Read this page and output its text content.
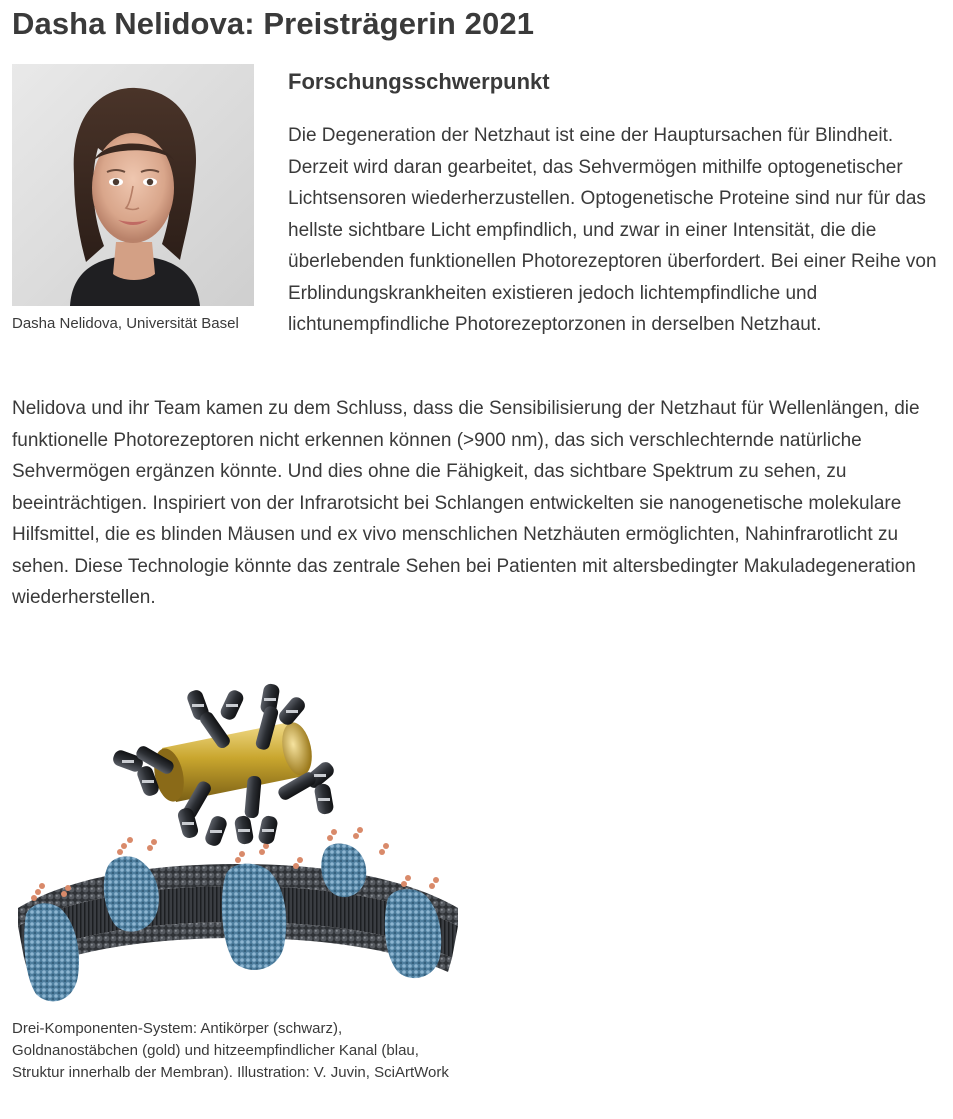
Dasha Nelidova: Preisträgerin 2021
Dasha Nelidova, Universität Basel
Forschungsschwerpunkt

Die Degeneration der Netzhaut ist eine der Hauptursachen für Blindheit. Derzeit wird daran gearbeitet, das Sehvermögen mithilfe optogenetischer Lichtsensoren wiederherzustellen. Optogenetische Proteine sind nur für das hellste sichtbare Licht empfindlich, und zwar in einer Intensität, die die überlebenden funktionellen Photorezeptoren überfordert. Bei einer Reihe von Erblindungskrankheiten existieren jedoch lichtempfindliche und lichtunempfindliche Photorezeptorzonen in derselben Netzhaut.

Nelidova und ihr Team kamen zu dem Schluss, dass die Sensibilisierung der Netzhaut für Wellenlängen, die funktionelle Photorezeptoren nicht erkennen können (>900 nm), das sich verschlechternde natürliche Sehvermögen ergänzen könnte. Und dies ohne die Fähigkeit, das sichtbare Spektrum zu sehen, zu beeinträchtigen. Inspiriert von der Infrarotsicht bei Schlangen entwickelten sie nanogenetische molekulare Hilfsmittel, die es blinden Mäusen und ex vivo menschlichen Netzhäuten ermöglichten, Nahinfrarotlicht zu sehen. Diese Technologie könnte das zentrale Sehen bei Patienten mit altersbedingter Makuladegeneration wiederherstellen.

Drei-Komponenten-System: Antikörper (schwarz), Goldnanostäbchen (gold) und hitzeempfindlicher Kanal (blau, Struktur innerhalb der Membran). Illustration: V. Juvin, SciArtWork
